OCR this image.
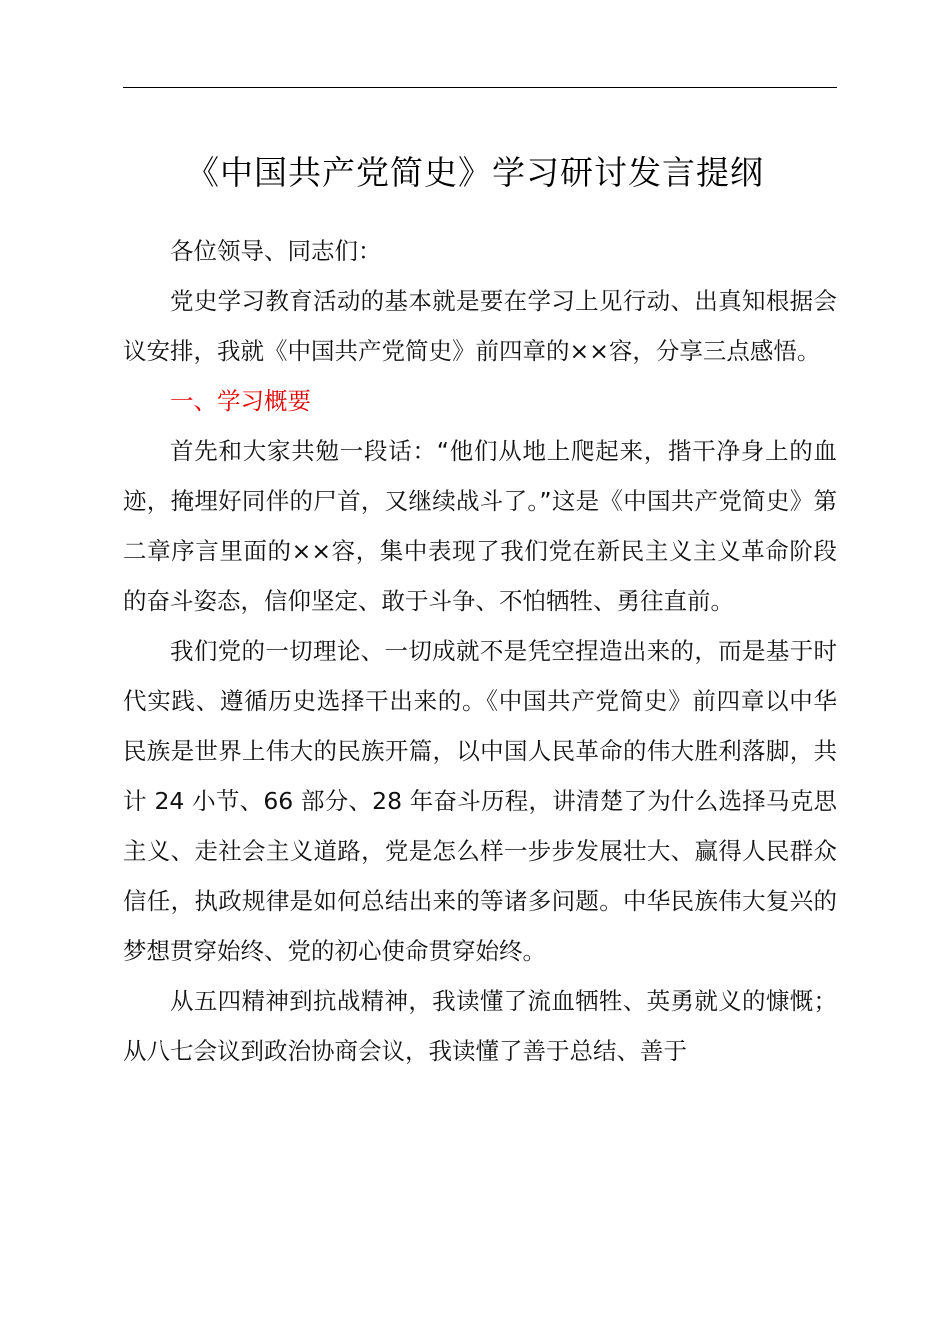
《中国共产党简史》学习研讨发言提纲

各位领导、同志们：

党史学习教育活动的基本就是要在学习上见行动、出真知根据会议安排，我就《中国共产党简史》前四章的××容，分享三点感悟。

一、学习概要

首先和大家共勉一段话：“他们从地上爬起来，揩干净身上的血迹，掩埋好同伴的尸首，又继续战斗了。”这是《中国共产党简史》第二章序言里面的××容，集中表现了我们党在新民主义主义革命阶段的奋斗姿态，信仰坚定、敢于斗争、不怕牺牲、勇往直前。

我们党的一切理论、一切成就不是凭空捏造出来的，而是基于时代实践、遵循历史选择干出来的。《中国共产党简史》前四章以中华民族是世界上伟大的民族开篇，以中国人民革命的伟大胜利落脚，共计 24 小节、66 部分、28 年奋斗历程，讲清楚了为什么选择马克思主义、走社会主义道路，党是怎么样一步步发展壮大、赢得人民群众信任，执政规律是如何总结出来的等诸多问题。中华民族伟大复兴的梦想贯穿始终、党的初心使命贯穿始终。

从五四精神到抗战精神，我读懂了流血牺牲、英勇就义的慷慨；从八七会议到政治协商会议，我读懂了善于总结、善于
